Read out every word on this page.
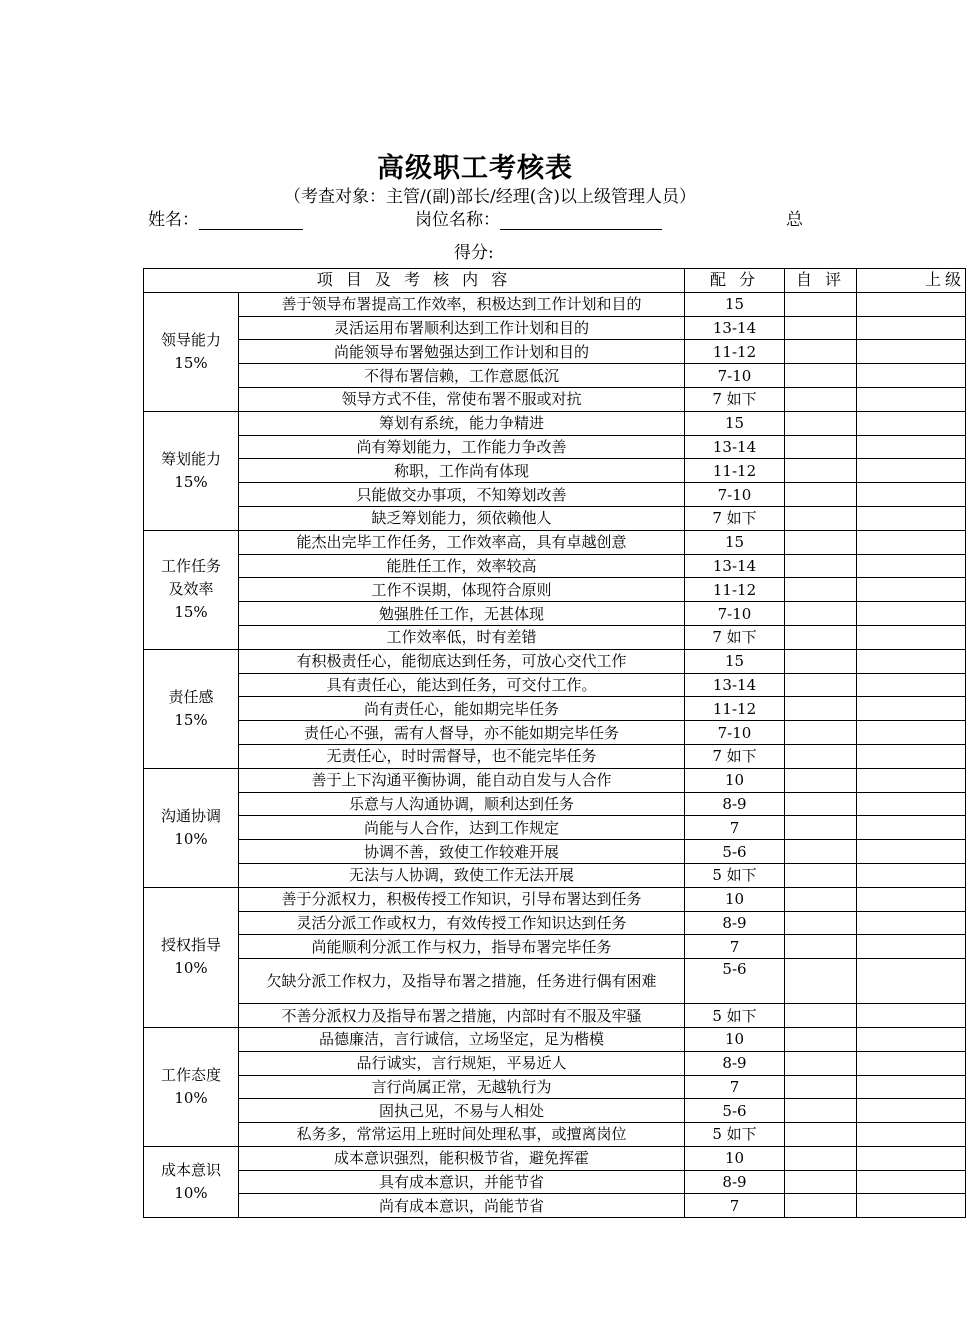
高级职工考核表
（考查对象：主管/(副)部长/经理(含)以上级管理人员）
姓名：	岗位名称：	总
得分:
项 目 及 考 核 内 容		配 分	自 评	上级
领导能力
15%	善于领导布署提高工作效率，积极达到工作计划和目的	15		
	灵活运用布署顺利达到工作计划和目的	13-14		
	尚能领导布署勉强达到工作计划和目的	11-12		
	不得布署信赖，工作意愿低沉	7-10		
	领导方式不佳，常使布署不服或对抗	7 如下		
筹划能力
15%	筹划有系统，能力争精进	15		
	尚有筹划能力，工作能力争改善	13-14		
	称职，工作尚有体现	11-12		
	只能做交办事项，不知筹划改善	7-10		
	缺乏筹划能力，须依赖他人	7 如下		
工作任务
及效率
15%	能杰出完毕工作任务，工作效率高，具有卓越创意	15		
	能胜任工作，效率较高	13-14		
	工作不误期，体现符合原则	11-12		
	勉强胜任工作，无甚体现	7-10		
	工作效率低，时有差错	7 如下		
责任感
15%	有积极责任心，能彻底达到任务，可放心交代工作	15		
	具有责任心，能达到任务，可交付工作。	13-14		
	尚有责任心，能如期完毕任务	11-12		
	责任心不强，需有人督导，亦不能如期完毕任务	7-10		
	无责任心，时时需督导，也不能完毕任务	7 如下		
沟通协调
10%	善于上下沟通平衡协调，能自动自发与人合作	10		
	乐意与人沟通协调，顺利达到任务	8-9		
	尚能与人合作，达到工作规定	7		
	协调不善，致使工作较难开展	5-6		
	无法与人协调，致使工作无法开展	5 如下		
授权指导
10%	善于分派权力，积极传授工作知识，引导布署达到任务	10		
	灵活分派工作或权力，有效传授工作知识达到任务	8-9		
	尚能顺利分派工作与权力，指导布署完毕任务	7		
	欠缺分派工作权力，及指导布署之措施，任务进行偶有困难	5-6		
	不善分派权力及指导布署之措施，内部时有不服及牢骚	5 如下		
工作态度
10%	品德廉洁，言行诚信，立场坚定，足为楷模	10		
	品行诚实，言行规矩，平易近人	8-9		
	言行尚属正常，无越轨行为	7		
	固执己见，不易与人相处	5-6		
	私务多，常常运用上班时间处理私事，或擅离岗位	5 如下		
成本意识
10%	成本意识强烈，能积极节省，避免挥霍	10		
	具有成本意识，并能节省	8-9		
	尚有成本意识，尚能节省	7		
